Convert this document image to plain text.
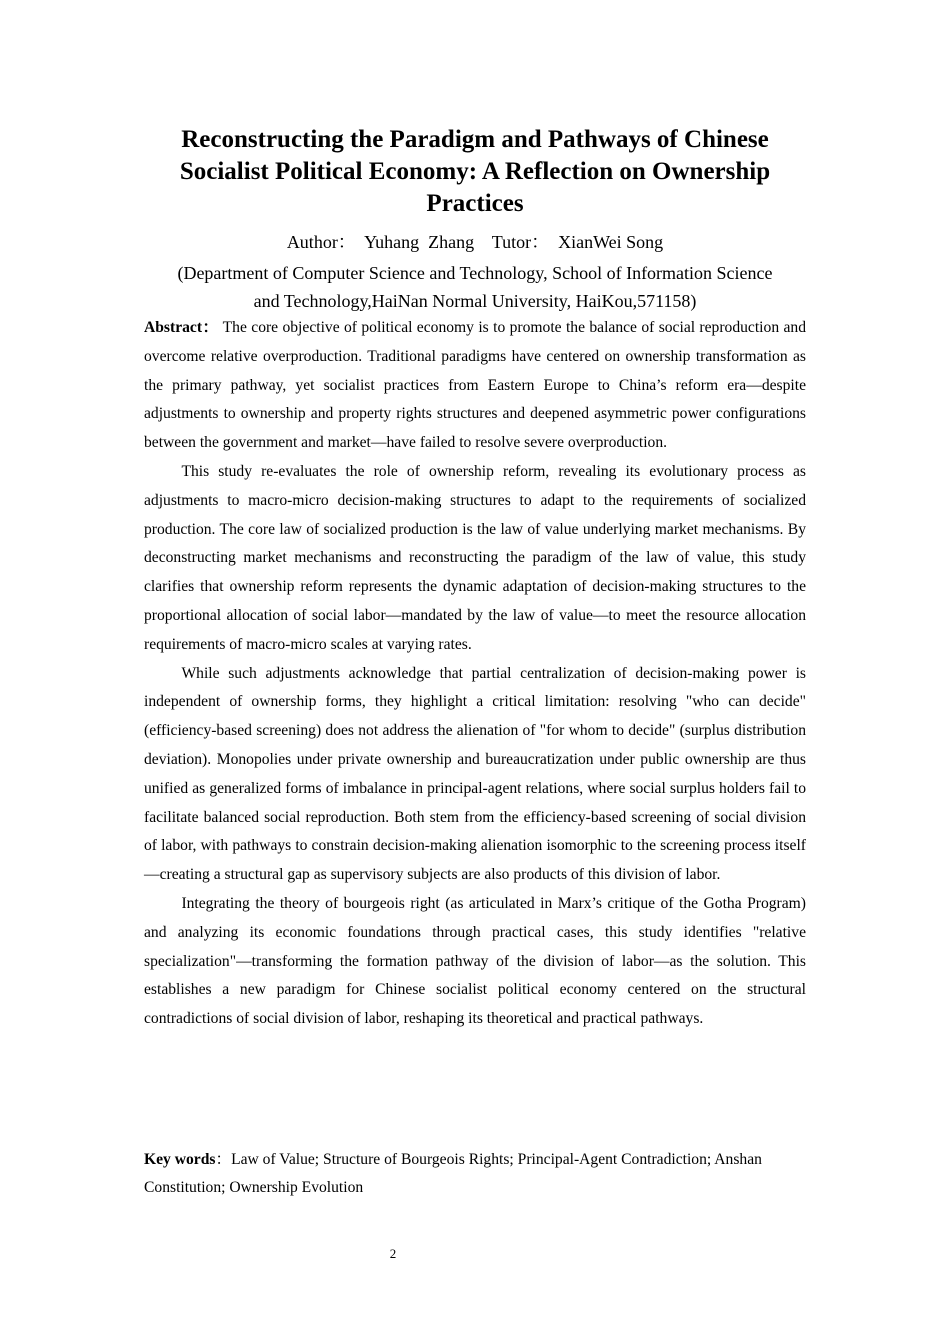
Reconstructing the Paradigm and Pathways of Chinese
Socialist Political Economy: A Reflection on Ownership
Practices
Author：  Yuhang  Zhang    Tutor：  XianWei Song
(Department of Computer Science and Technology, School of Information Science
and Technology,HaiNan Normal University, HaiKou,571158)

Abstract： The core objective of political economy is to promote the balance of social reproduction and overcome relative overproduction. Traditional paradigms have centered on ownership transformation as the primary pathway, yet socialist practices from Eastern Europe to China’s reform era—despite adjustments to ownership and property rights structures and deepened asymmetric power configurations between the government and market—have failed to resolve severe overproduction.

This study re-evaluates the role of ownership reform, revealing its evolutionary process as adjustments to macro-micro decision-making structures to adapt to the requirements of socialized production. The core law of socialized production is the law of value underlying market mechanisms. By deconstructing market mechanisms and reconstructing the paradigm of the law of value, this study clarifies that ownership reform represents the dynamic adaptation of decision-making structures to the proportional allocation of social labor—mandated by the law of value—to meet the resource allocation requirements of macro-micro scales at varying rates.

While such adjustments acknowledge that partial centralization of decision-making power is independent of ownership forms, they highlight a critical limitation: resolving "who can decide" (efficiency-based screening) does not address the alienation of "for whom to decide" (surplus distribution deviation). Monopolies under private ownership and bureaucratization under public ownership are thus unified as generalized forms of imbalance in principal-agent relations, where social surplus holders fail to facilitate balanced social reproduction. Both stem from the efficiency-based screening of social division of labor, with pathways to constrain decision-making alienation isomorphic to the screening process itself—creating a structural gap as supervisory subjects are also products of this division of labor.

Integrating the theory of bourgeois right (as articulated in Marx’s critique of the Gotha Program) and analyzing its economic foundations through practical cases, this study identifies "relative specialization"—transforming the formation pathway of the division of labor—as the solution. This establishes a new paradigm for Chinese socialist political economy centered on the structural contradictions of social division of labor, reshaping its theoretical and practical pathways.

Key words：Law of Value; Structure of Bourgeois Rights; Principal-Agent Contradiction; Anshan Constitution; Ownership Evolution
2
